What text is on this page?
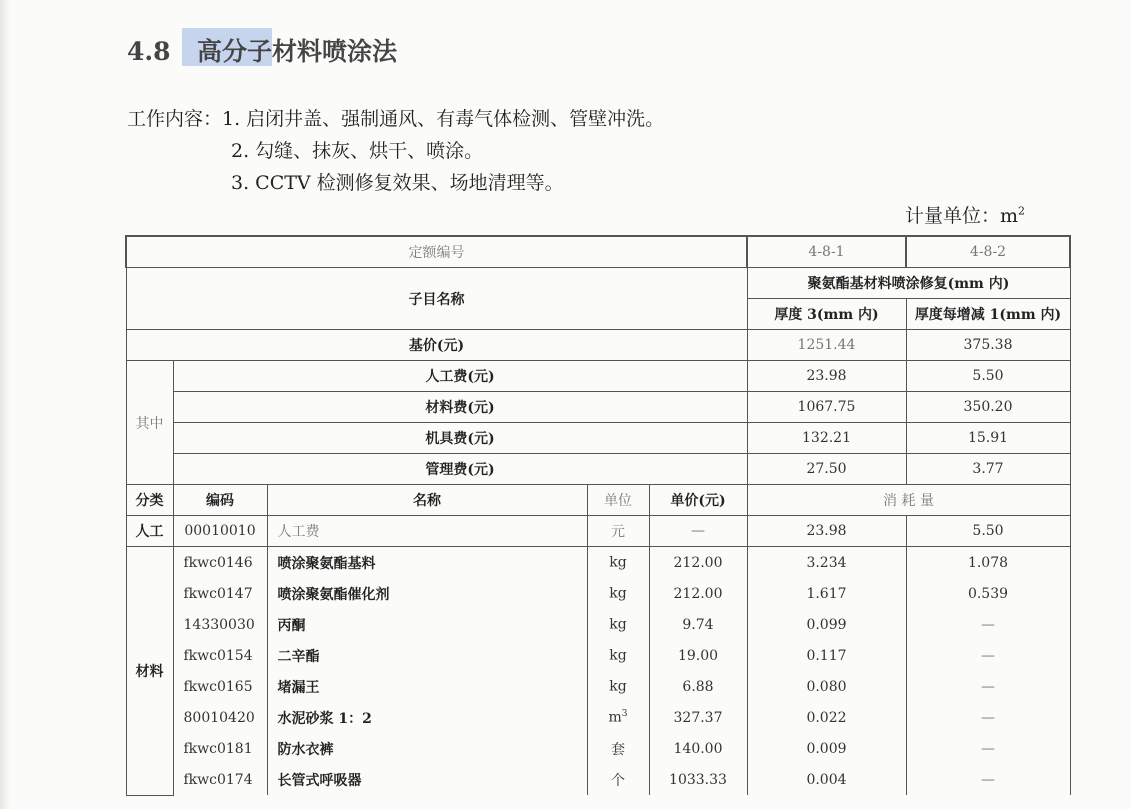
4.8 高分子材料喷涂法
工作内容：1. 启闭井盖、强制通风、有毒气体检测、管壁冲洗。
2. 勾缝、抹灰、烘干、喷涂。
3. CCTV 检测修复效果、场地清理等。
计量单位：$m^2$
定额编号					4-8-1	4-8-2
子目名称					聚氨酯基材料喷涂修复(mm 内)	
					厚度 3(mm 内)	厚度每增减 1(mm 内)
基价(元)					1251.44	375.38
其中	人工费(元)				23.98	5.50
	材料费(元)				1067.75	350.20
	机具费(元)				132.21	15.91
	管理费(元)				27.50	3.77
分类	编码	名称	单位	单价(元)	消 耗 量	
人工	00010010	人工费	元	—	23.98	5.50
材料	fkwc0146	喷涂聚氨酯基料	kg	212.00	3.234	1.078
	fkwc0147	喷涂聚氨酯催化剂	kg	212.00	1.617	0.539
	14330030	丙酮	kg	9.74	0.099	—
	fkwc0154	二辛酯	kg	19.00	0.117	—
	fkwc0165	堵漏王	kg	6.88	0.080	—
	80010420	水泥砂浆 1：2	$m^3$	327.37	0.022	—
	fkwc0181	防水衣裤	套	140.00	0.009	—
	fkwc0174	长管式呼吸器	个	1033.33	0.004	—
